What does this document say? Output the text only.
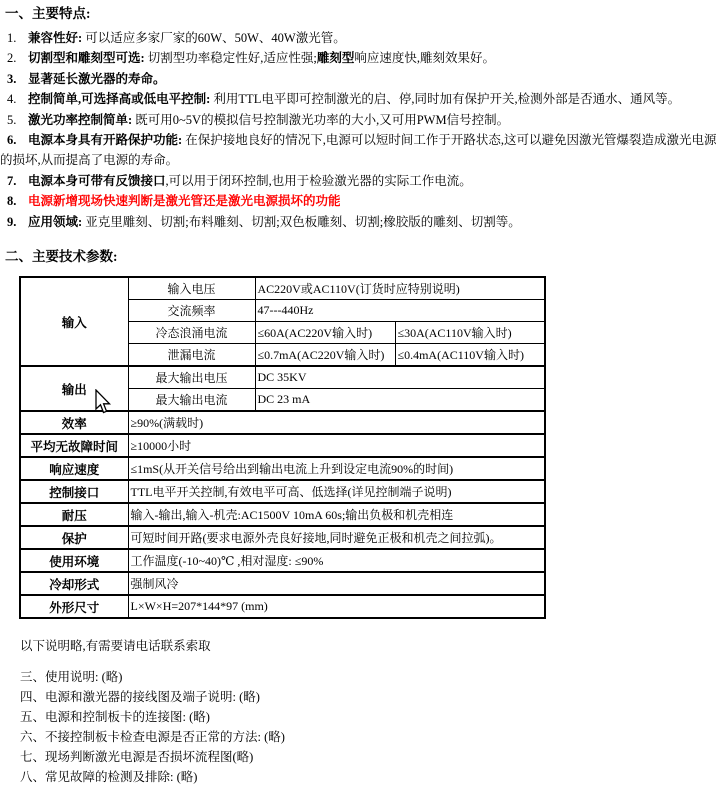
一、主要特点:
1. 兼容性好: 可以适应多家厂家的60W、50W、40W激光管。
2. 切割型和雕刻型可选: 切割型功率稳定性好,适应性强;雕刻型响应速度快,雕刻效果好。
3. 显著延长激光器的寿命。
4. 控制简单,可选择高或低电平控制: 利用TTL电平即可控制激光的启、停,同时加有保护开关,检测外部是否通水、通风等。
5. 激光功率控制简单: 既可用0~5V的模拟信号控制激光功率的大小,又可用PWM信号控制。
6. 电源本身具有开路保护功能: 在保护接地良好的情况下,电源可以短时间工作于开路状态,这可以避免因激光管爆裂造成激光电源的损坏,从而提高了电源的寿命。
7. 电源本身可带有反馈接口,可以用于闭环控制,也用于检验激光器的实际工作电流。
8. 电源新增现场快速判断是激光管还是激光电源损坏的功能
9. 应用领域: 亚克里雕刻、切割;布料雕刻、切割;双色板雕刻、切割;橡胶版的雕刻、切割等。
二、主要技术参数:
输入	输入电压	AC220V或AC110V(订货时应特别说明)	
	交流频率	47---440Hz	
	冷态浪涌电流	≤60A(AC220V输入时)	≤30A(AC110V输入时)
	泄漏电流	≤0.7mA(AC220V输入时)	≤0.4mA(AC110V输入时)
输出	最大输出电压	DC 35KV	
	最大输出电流	DC 23 mA	
效率	≥90%(满载时)		
平均无故障时间	≥10000小时		
响应速度	≤1mS(从开关信号给出到输出电流上升到设定电流90%的时间)		
控制接口	TTL电平开关控制,有效电平可高、低选择(详见控制端子说明)		
耐压	输入-输出,输入-机壳:AC1500V 10mA 60s;输出负极和机壳相连		
保护	可短时间开路(要求电源外壳良好接地,同时避免正极和机壳之间拉弧)。		
使用环境	工作温度(-10~40)℃ ,相对湿度: ≤90%		
冷却形式	强制风冷		
外形尺寸	L×W×H=207*144*97 (mm)		
以下说明略,有需要请电话联系索取
三、使用说明: (略)
四、电源和激光器的接线图及端子说明: (略)
五、电源和控制板卡的连接图: (略)
六、不接控制板卡检查电源是否正常的方法: (略)
七、现场判断激光电源是否损坏流程图(略)
八、常见故障的检测及排除: (略)
